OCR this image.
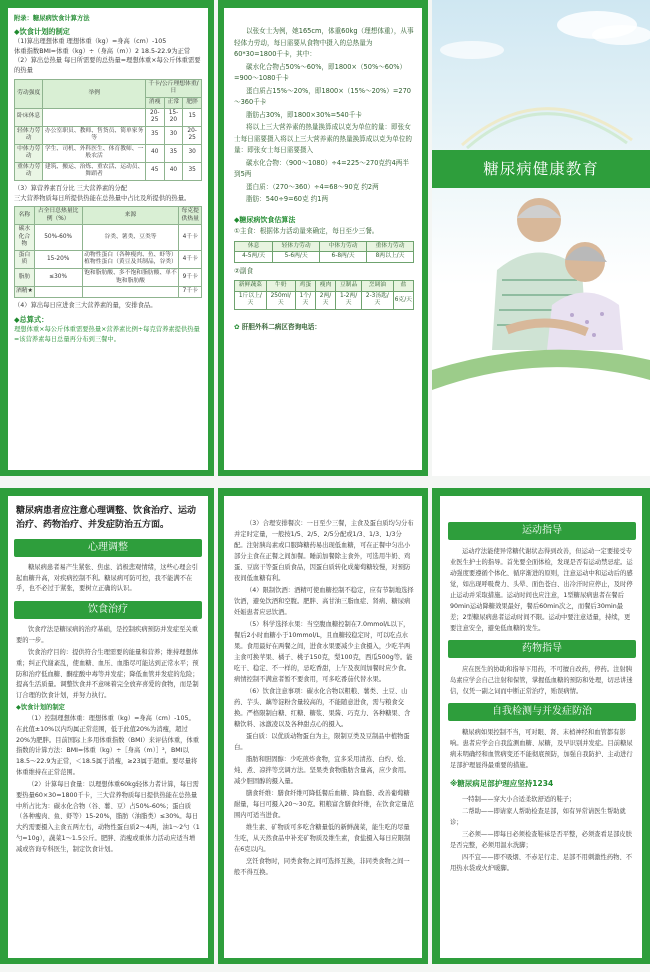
附录：糖尿病饮食计算方法
◆饮食计划的制定
（1)算出理想体重 理想体重（kg）=身高（cm）-105
体重指数BMI=体重（kg）÷（身高（m））2 18.5-22.9为正常
（2）算出总热量 每日所需要的总热量=理想体重×每公斤体重需要的热量
劳动强度	举例	千卡/公斤理想体重/日		
		消瘦	正常	肥胖
卧床休息		20-25	15-20	15
轻体力劳动	办公室职员、教师、售货员、简单家务等	35	30	20-25
中体力劳动	学生、司机、外科医生、体育教师、一般农活	40	35	30
重体力劳动	建筑、搬运、治炼、重农活、运动员、舞蹈者	45	40	35
（3）算营养素百分比 三大营养素的分配
三大营养物质每日所提供热能在总热量中占比及所提供的热量。
名称	占全日总热量比例（%）	来源	每克提供热量
碳水化合物	50%-60%	谷类、薯类、豆类等	4千卡
蛋白质	15-20%	动物性蛋白（各种瘦肉、鱼、虾等）植物性蛋白（黄豆及其制品，谷类）	4千卡
脂肪	≤30%	饱和脂肪酸、多不饱和脂肪酸、单不饱和脂肪酸	9千卡
酒精★			7千卡
（4）算出每日应进食三大营养素的量，安排食品。
◆总算式：
理想体重×每公斤体重需要热量×营养素比例÷每克营养素提供热量=该营养素每日总量再分布到三餐中。
以张女士为例，她165cm，体重60kg（理想体重），从事轻体力劳动，每日需要从食物中摄入的总热量为60*30=1800千卡，其中：
碳水化合物占50%～60%，即1800×（50%～60%）=900～1080千卡
蛋白质占15%～20%，即1800×（15%～20%）=270～360千卡
脂肪占30%，即1800×30%=540千卡
将以上三大营养素的热量换算成以克为单位的量：即张女士每日需要摄入将以上三大营养素的热量换算成以克为单位的量：即张女士每日需要摄入
碳水化合物：（900～1080）÷4=225～270克约4两半到5两
蛋白质：（270～360）÷4=68～90克 约2两
脂肪：540÷9=60克 约1两
◆糖尿病饮食估算法
①主食：根据体力活动量来确定，每日至少三餐。
休息	轻体力劳动	中体力劳动	重体力劳动
4-5两/天	5-6两/天	6-8两/天	8两以上/天
②副食
新鲜蔬菜	牛奶	鸡蛋	瘦肉	豆制品	烹调油	盐
1斤以上/天	250ml/天	1个/天	2两/天	1-2两/天	2-3汤匙/天	6克/天
✿ 肝胆外科二病区咨询电话：
糖尿病健康教育
糖尿病患者应注意心理调整、饮食治疗、运动治疗、药物治疗、并发症防治五方面。
心理调整
糖尿病患者易产生紧张、焦虑、消极悲观情绪，这些心理会引起血糖升高，对疾病控制不利。糖尿病可防可控，我不能满不在乎，也不必过于紧张，要树立正确的认识。
饮食治疗
饮食疗法是糖尿病的治疗基础，是控制疾病预防并发症至关重要的一步。
饮食治疗目的：提供符合生理需要的能量和营养；维持理想体重；纠正代谢紊乱，使血糖、血压、血脂尽可能达到正常水平；预防和治疗低血糖、酮症酸中毒等并发症；降低血管并发症的危险；提高生活质量。调整饮食并不意味着完全放弃喜爱的食物，而是制订合理的饮食计划，并努力执行。
◆饮食计划的制定
（1）控制理想体重：理想体重（kg）=身高（cm）-105。在此值±10%以内均属正常范围，低于此值20%为消瘦，超过20%为肥胖。目前国际上多用体重指数（BMI）来评估体重，体重指数的计算方法：BMI=体重（kg）÷［身高（m）］²，BMI以18.5～22.9为正常，＜18.5属于消瘦，≥23属于超重。要尽量将体重维持在正常范围。
（2）计算每日食量：以理想体重60kg轻体力者计算，每日需要热量60×30=1800千卡，三大营养物质每日提供热能在总热量中所占比为：碳水化合物（谷、薯、豆）占50%-60%；蛋白质（各种瘦肉、鱼、虾等）15-20%，脂肪（油脂类）≤30%。每日大约需要摄入主食五两左右，动物性蛋白质2～4两，油1～2勺（1勺=10g），蔬菜1～1.5公斤。肥胖、消瘦或重体力活动应适当增减或咨询专科医生，制定饮食计划。
（3）合理安排餐次：一日至少三餐，主食及蛋白质均匀分布并定时定量，一般按1/5、2/5、2/5分配或1/3、1/3、1/3分配。注射胰岛素或口服降糖药易出现低血糖，可在正餐中匀出小部分主食在正餐之间加餐。睡前加餐除主食外，可选用牛奶、鸡蛋、豆腐干等蛋白质食品，因蛋白质转化成葡萄糖较慢，对预防夜间低血糖有利。
（4）限制饮酒：酒精可使血糖控制不稳定，应有节制地选择饮酒，避免饮酒和空腹。肥胖、高甘油三脂血症、肾病、糖尿病妊娠患者应忌饮酒。
（5）科学选择水果：当空腹血糖控制在7.0mmol/L以下，餐后2小时血糖小于10mmol/L，且血糖较稳定时，可以吃点水果。食用最好在两餐之间，进食水果要减少主食摄入，少吃半两主食可换苹果、橘子、桃子150克，梨100克，西瓜500g等。能吃干、稳定、不一样的，忌吃香甜，上午及夜间加餐时应少食。病情控制不满意者暂不要食用，可多吃番茄代替水果。
（6）饮食注意事项：碳水化合物以粗粮、薯类、土豆、山药、芋头、藕等淀粉含量较高的，不能随意进食，需与粮食交换。严格限制白糖、红糖、糖浆、果酱、巧克力、各种糖果、含糖饮料、冰激凌以及各种甜点心的摄入。
蛋白质：以优质动物蛋白为主，限制豆类及豆制品中植物蛋白。
脂肪和胆固醇：少吃煎炸食物，宜多采用清蒸、白灼、烩、炖、煮、凉拌等烹调方法。坚果类食物脂肪含量高，应少食用。减少胆固醇的摄入量。
膳食纤维：膳食纤维可降低餐后血糖、降血脂、改善葡萄糖耐量，每日可摄入20～30克。粗粮富含膳食纤维，在饮食定量范围内可适当进食。
维生素、矿物质可多吃含糖量低的新鲜蔬菜，能生吃的尽量生吃，从天然食品中补充矿物质及维生素，食盐摄入每日应限制在6克以内。
烹饪食物时，同类食物之间可选择互换，非同类食物之间一般不得互换。
运动指导
运动疗法能使异常糖代谢状态得到改善，但运动一定要接受专业医生护士的指导。首先要全面体检，发现是否有运动禁忌症。运动强度要遵循个体化、循序渐进的原则，注意运动中和运动后的感觉，如出现呼吸费力、头晕、面色苍白、出冷汗时应停止，及时停止运动并采取措施。运动时间也应注意，1型糖尿病患者在餐后90min运动降糖效果最好，餐后60min次之，而餐后30min最差；2型糖尿病患者运动时间不限。运动中要注意适量，持续，更要注意安全，避免低血糖的发生。
药物指导
应在医生的协助和指导下用药，不可擅自改药，停药。注射胰岛素应学会自己注射和保管，掌握低血糖的预防和处理，切忌讲迷信，仅凭一副之词而中断正常治疗，贻误病情。
自我检测与并发症防治
糖尿病如果控制不当，可对眼、肾、末梢神经和血管都有影响。患者应学会自我监测血糖、尿糖，及早识别并发症。目前糖尿病未明确经和血管病变还不能彻底预防，加强自我防护、主动进行足部护理显得最重要的措施。
※糖尿病足部护理应坚持1234
一特制——穿大小合适柔软舒适的鞋子；
二帮助——即请家人帮助检查足部，如有异常请医生帮助就诊；
三必须——即每日必须检查鞋袜是否平整，必须查看足部皮肤是否完整，必须用温水洗脚；
四不宜——即不吸烟、不赤足行走、足部不用刺激性药物、不用热水袋或火炉暖脚。
